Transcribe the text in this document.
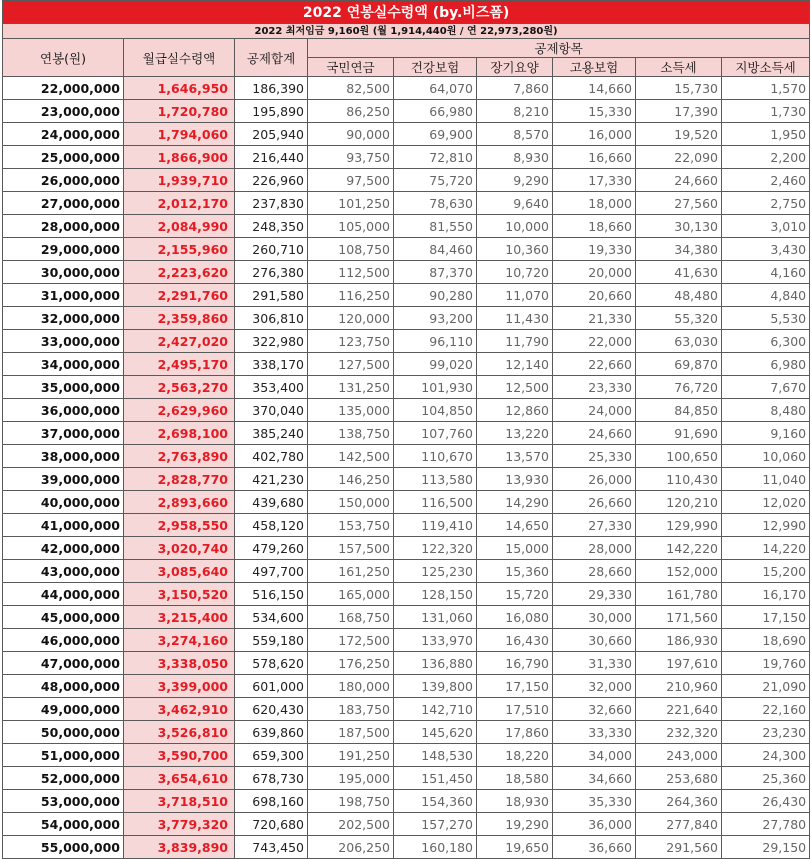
2022 연봉실수령액 (by.비즈폼)								
2022 최저임금 9,160원 (월 1,914,440원 / 연 22,973,280원)								
연봉(원)	월급실수령액	공제합계	공제항목					
			국민연금	건강보험	장기요양	고용보험	소득세	지방소득세
22,000,000	1,646,950	186,390	82,500	64,070	7,860	14,660	15,730	1,570
23,000,000	1,720,780	195,890	86,250	66,980	8,210	15,330	17,390	1,730
24,000,000	1,794,060	205,940	90,000	69,900	8,570	16,000	19,520	1,950
25,000,000	1,866,900	216,440	93,750	72,810	8,930	16,660	22,090	2,200
26,000,000	1,939,710	226,960	97,500	75,720	9,290	17,330	24,660	2,460
27,000,000	2,012,170	237,830	101,250	78,630	9,640	18,000	27,560	2,750
28,000,000	2,084,990	248,350	105,000	81,550	10,000	18,660	30,130	3,010
29,000,000	2,155,960	260,710	108,750	84,460	10,360	19,330	34,380	3,430
30,000,000	2,223,620	276,380	112,500	87,370	10,720	20,000	41,630	4,160
31,000,000	2,291,760	291,580	116,250	90,280	11,070	20,660	48,480	4,840
32,000,000	2,359,860	306,810	120,000	93,200	11,430	21,330	55,320	5,530
33,000,000	2,427,020	322,980	123,750	96,110	11,790	22,000	63,030	6,300
34,000,000	2,495,170	338,170	127,500	99,020	12,140	22,660	69,870	6,980
35,000,000	2,563,270	353,400	131,250	101,930	12,500	23,330	76,720	7,670
36,000,000	2,629,960	370,040	135,000	104,850	12,860	24,000	84,850	8,480
37,000,000	2,698,100	385,240	138,750	107,760	13,220	24,660	91,690	9,160
38,000,000	2,763,890	402,780	142,500	110,670	13,570	25,330	100,650	10,060
39,000,000	2,828,770	421,230	146,250	113,580	13,930	26,000	110,430	11,040
40,000,000	2,893,660	439,680	150,000	116,500	14,290	26,660	120,210	12,020
41,000,000	2,958,550	458,120	153,750	119,410	14,650	27,330	129,990	12,990
42,000,000	3,020,740	479,260	157,500	122,320	15,000	28,000	142,220	14,220
43,000,000	3,085,640	497,700	161,250	125,230	15,360	28,660	152,000	15,200
44,000,000	3,150,520	516,150	165,000	128,150	15,720	29,330	161,780	16,170
45,000,000	3,215,400	534,600	168,750	131,060	16,080	30,000	171,560	17,150
46,000,000	3,274,160	559,180	172,500	133,970	16,430	30,660	186,930	18,690
47,000,000	3,338,050	578,620	176,250	136,880	16,790	31,330	197,610	19,760
48,000,000	3,399,000	601,000	180,000	139,800	17,150	32,000	210,960	21,090
49,000,000	3,462,910	620,430	183,750	142,710	17,510	32,660	221,640	22,160
50,000,000	3,526,810	639,860	187,500	145,620	17,860	33,330	232,320	23,230
51,000,000	3,590,700	659,300	191,250	148,530	18,220	34,000	243,000	24,300
52,000,000	3,654,610	678,730	195,000	151,450	18,580	34,660	253,680	25,360
53,000,000	3,718,510	698,160	198,750	154,360	18,930	35,330	264,360	26,430
54,000,000	3,779,320	720,680	202,500	157,270	19,290	36,000	277,840	27,780
55,000,000	3,839,890	743,450	206,250	160,180	19,650	36,660	291,560	29,150
